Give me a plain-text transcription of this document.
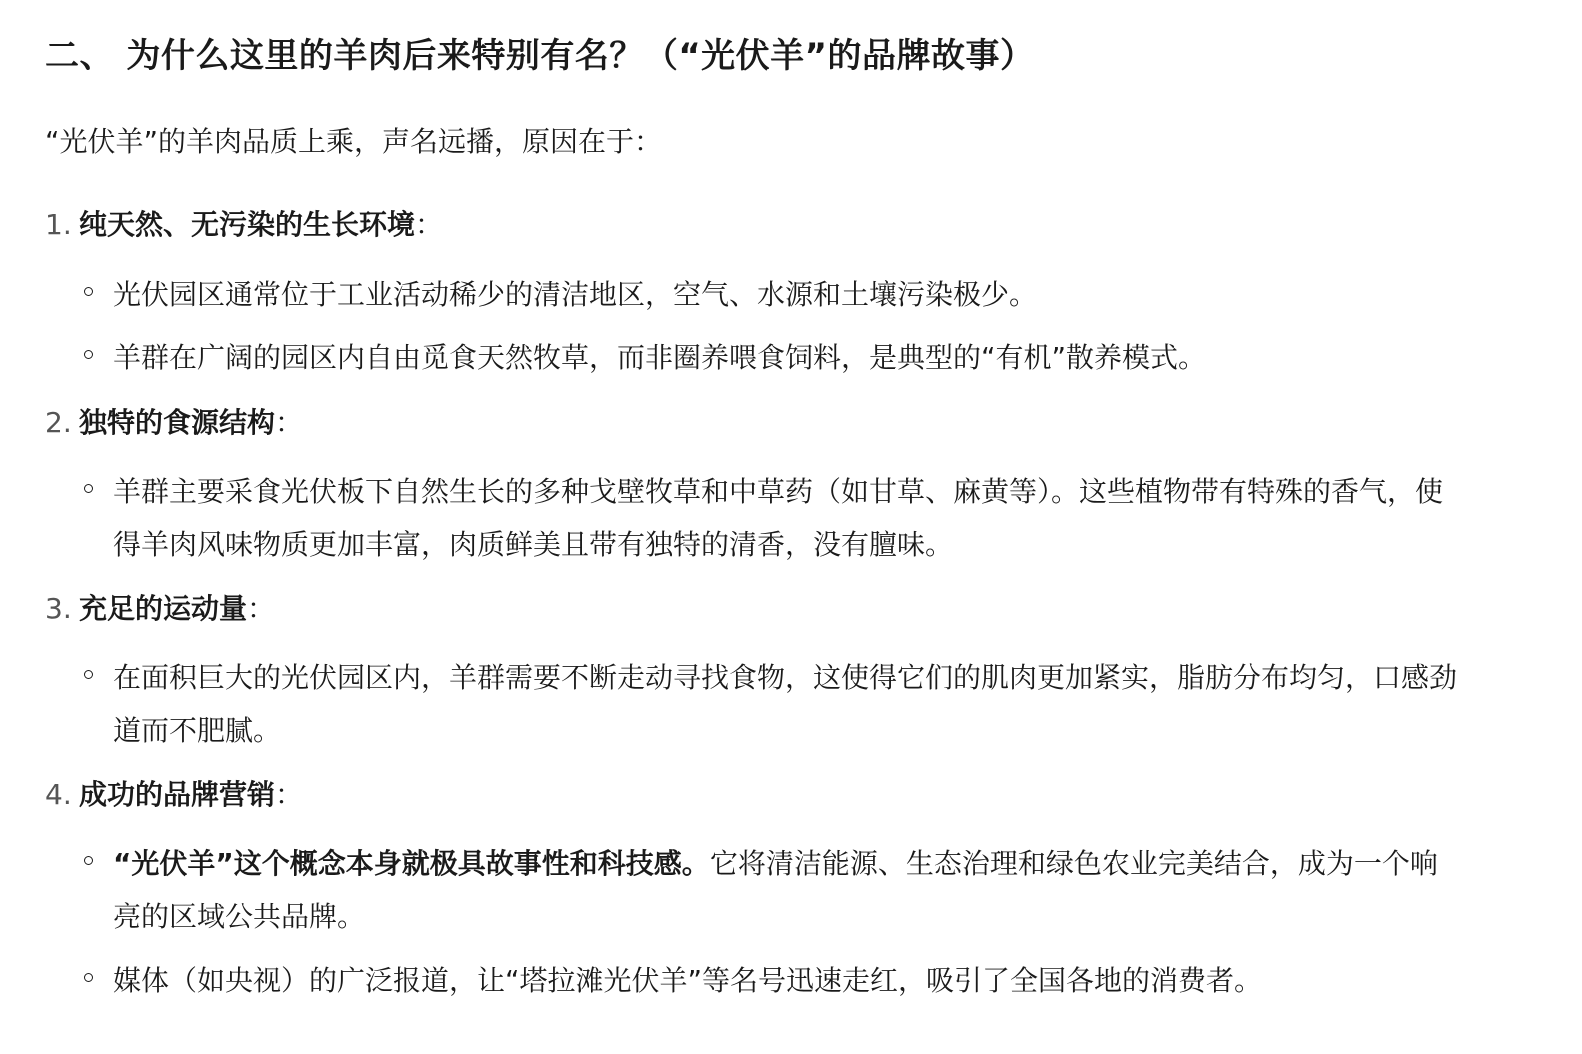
二、 为什么这里的羊肉后来特别有名？（“光伏羊”的品牌故事）

“光伏羊”的羊肉品质上乘，声名远播，原因在于：

1. 纯天然、无污染的生长环境：
光伏园区通常位于工业活动稀少的清洁地区，空气、水源和土壤污染极少。
羊群在广阔的园区内自由觅食天然牧草，而非圈养喂食饲料，是典型的“有机”散养模式。
2. 独特的食源结构：
羊群主要采食光伏板下自然生长的多种戈壁牧草和中草药（如甘草、麻黄等）。这些植物带有特殊的香气，使得羊肉风味物质更加丰富，肉质鲜美且带有独特的清香，没有膻味。
3. 充足的运动量：
在面积巨大的光伏园区内，羊群需要不断走动寻找食物，这使得它们的肌肉更加紧实，脂肪分布均匀，口感劲道而不肥腻。
4. 成功的品牌营销：
“光伏羊”这个概念本身就极具故事性和科技感。它将清洁能源、生态治理和绿色农业完美结合，成为一个响亮的区域公共品牌。
媒体（如央视）的广泛报道，让“塔拉滩光伏羊”等名号迅速走红，吸引了全国各地的消费者。
